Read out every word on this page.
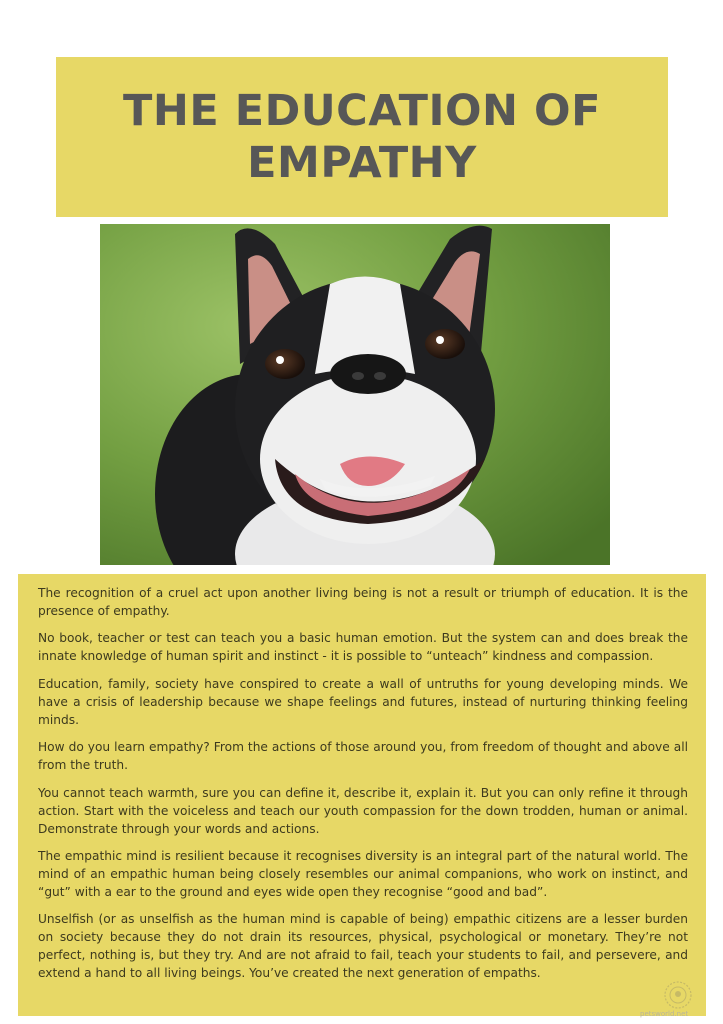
THE EDUCATION OF EMPATHY

The recognition of a cruel act upon another living being is not a result or triumph of education. It is the presence of empathy.

No book, teacher or test can teach you a basic human emotion. But the system can and does break the innate knowledge of human spirit and instinct - it is possible to “unteach” kindness and compassion.

Education, family, society have conspired to create a wall of untruths for young developing minds. We have a crisis of leadership because we shape feelings and futures, instead of nurturing thinking feeling minds.

How do you learn empathy? From the actions of those around you, from freedom of thought and above all from the truth.

You cannot teach warmth, sure you can define it, describe it, explain it. But you can only refine it through action. Start with the voiceless and teach our youth compassion for the down trodden, human or animal. Demonstrate through your words and actions.

The empathic mind is resilient because it recognises diversity is an integral part of the natural world. The mind of an empathic human being closely resembles our animal companions, who work on instinct, and “gut” with a ear to the ground and eyes wide open they recognise “good and bad”.

Unselfish (or as unselfish as the human mind is capable of being) empathic citizens are a lesser burden on society because they do not drain its resources, physical, psychological or monetary. They’re not perfect, nothing is, but they try. And are not afraid to fail, teach your students to fail, and persevere, and extend a hand to all living beings. You’ve created the next generation of empaths.

petsworld.net
